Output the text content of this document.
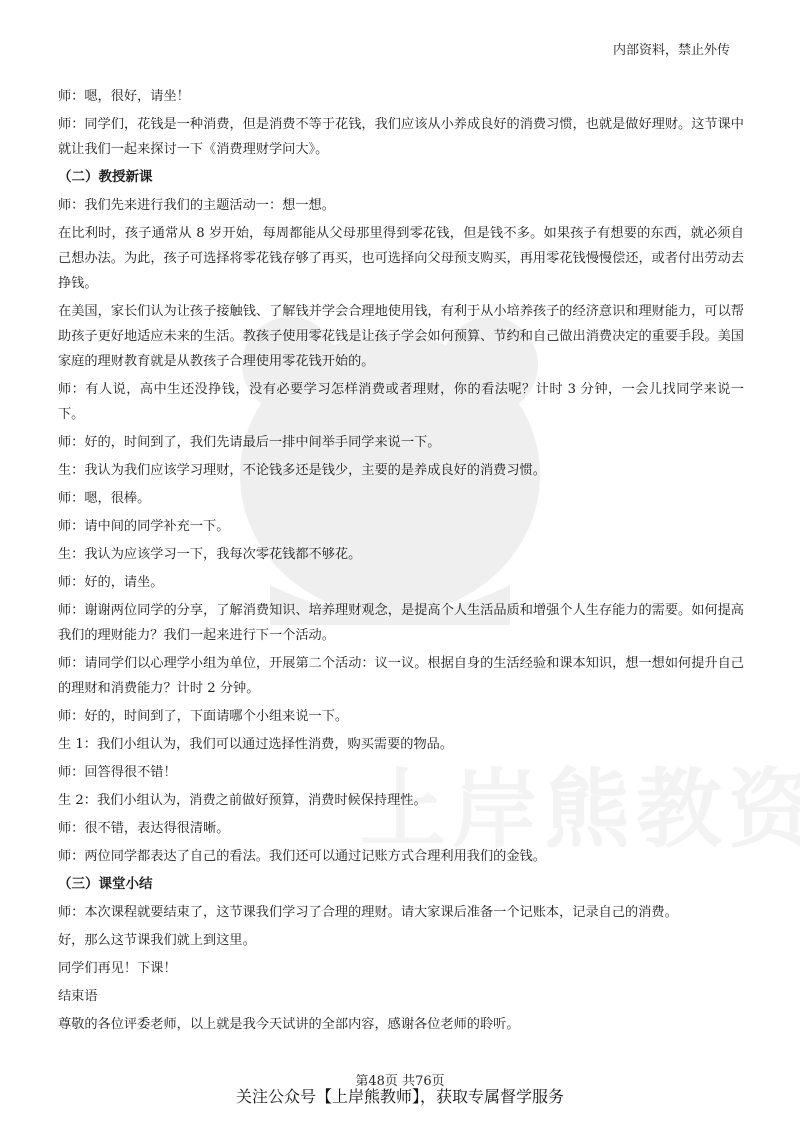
内部资料，禁止外传

师：嗯，很好，请坐！

师：同学们，花钱是一种消费，但是消费不等于花钱，我们应该从小养成良好的消费习惯，也就是做好理财。这节课中就让我们一起来探讨一下《消费理财学问大》。

（二）教授新课

师：我们先来进行我们的主题活动一：想一想。

在比利时，孩子通常从 8 岁开始，每周都能从父母那里得到零花钱，但是钱不多。如果孩子有想要的东西，就必须自己想办法。为此，孩子可选择将零花钱存够了再买，也可选择向父母预支购买，再用零花钱慢慢偿还，或者付出劳动去挣钱。

在美国，家长们认为让孩子接触钱、了解钱并学会合理地使用钱，有利于从小培养孩子的经济意识和理财能力，可以帮助孩子更好地适应未来的生活。教孩子使用零花钱是让孩子学会如何预算、节约和自己做出消费决定的重要手段。美国家庭的理财教育就是从教孩子合理使用零花钱开始的。

师：有人说，高中生还没挣钱，没有必要学习怎样消费或者理财，你的看法呢？计时 3 分钟，一会儿找同学来说一下。

师：好的，时间到了，我们先请最后一排中间举手同学来说一下。

生：我认为我们应该学习理财，不论钱多还是钱少，主要的是养成良好的消费习惯。

师：嗯，很棒。

师：请中间的同学补充一下。

生：我认为应该学习一下，我每次零花钱都不够花。

师：好的，请坐。

师：谢谢两位同学的分享，了解消费知识、培养理财观念，是提高个人生活品质和增强个人生存能力的需要。如何提高我们的理财能力？我们一起来进行下一个活动。

师：请同学们以心理学小组为单位，开展第二个活动：议一议。根据自身的生活经验和课本知识，想一想如何提升自己的理财和消费能力？计时 2 分钟。

师：好的，时间到了，下面请哪个小组来说一下。

生 1：我们小组认为，我们可以通过选择性消费，购买需要的物品。

师：回答得很不错！

生 2：我们小组认为，消费之前做好预算，消费时候保持理性。

师：很不错，表达得很清晰。

师：两位同学都表达了自己的看法。我们还可以通过记账方式合理利用我们的金钱。

（三）课堂小结

师：本次课程就要结束了，这节课我们学习了合理的理财。请大家课后准备一个记账本，记录自己的消费。

好，那么这节课我们就上到这里。

同学们再见！下课！

结束语

尊敬的各位评委老师，以上就是我今天试讲的全部内容，感谢各位老师的聆听。

第48页 共76页
关注公众号【上岸熊教师】，获取专属督学服务
